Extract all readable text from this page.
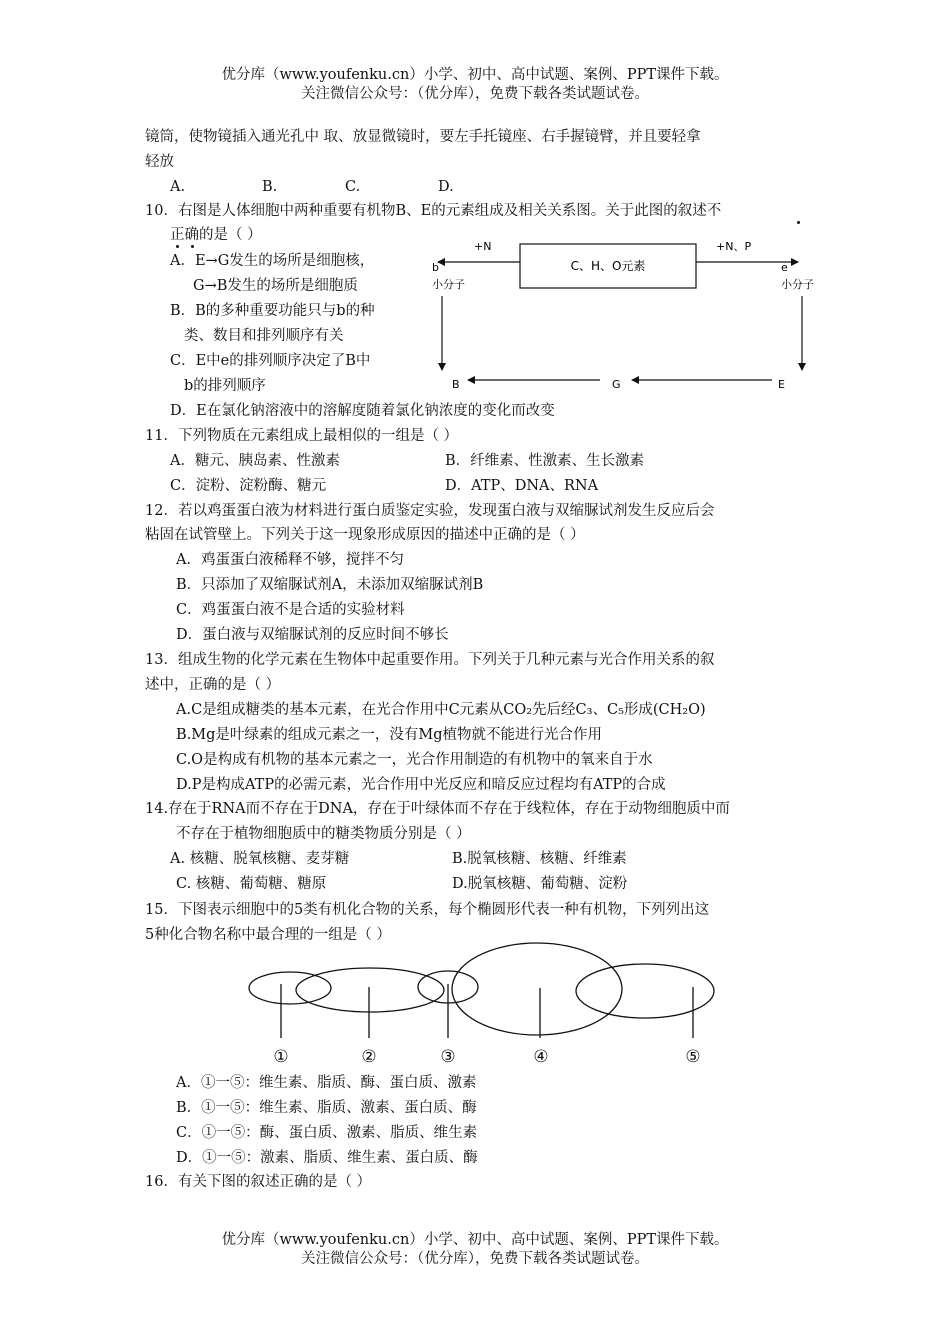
优分库（www.youfenku.cn）小学、初中、高中试题、案例、PPT课件下载。
关注微信公众号：（优分库），免费下载各类试题试卷。
镜筒，使物镜插入通光孔中 取、放显微镜时，要左手托镜座、右手握镜臂，并且要轻拿
轻放
A.	B.	C.	D.
10．右图是人体细胞中两种重要有机物B、E的元素组成及相关关系图。关于此图的叙述不
正确的是（ ）
A．E→G发生的场所是细胞核，
G→B发生的场所是细胞质
B．B的多种重要功能只与b的种
类、数目和排列顺序有关
C．E中e的排列顺序决定了B中
b的排列顺序
D．E在氯化钠溶液中的溶解度随着氯化钠浓度的变化而改变
C、H、O元素
+N	+N、P
b
小分子
e
小分子
E
G
B
11．下列物质在元素组成上最相似的一组是（ ）
A．糖元、胰岛素、性激素	B．纤维素、性激素、生长激素
C．淀粉、淀粉酶、糖元	D．ATP、DNA、RNA
12．若以鸡蛋蛋白液为材料进行蛋白质鉴定实验，发现蛋白液与双缩脲试剂发生反应后会
粘固在试管壁上。下列关于这一现象形成原因的描述中正确的是（ ）
A．鸡蛋蛋白液稀释不够，搅拌不匀
B．只添加了双缩脲试剂A，未添加双缩脲试剂B
C．鸡蛋蛋白液不是合适的实验材料
D．蛋白液与双缩脲试剂的反应时间不够长
13．组成生物的化学元素在生物体中起重要作用。下列关于几种元素与光合作用关系的叙
述中，正确的是（ ）
A.C是组成糖类的基本元素，在光合作用中C元素从CO₂先后经C₃、C₅形成(CH₂O)
B.Mg是叶绿素的组成元素之一，没有Mg植物就不能进行光合作用
C.O是构成有机物的基本元素之一，光合作用制造的有机物中的氧来自于水
D.P是构成ATP的必需元素，光合作用中光反应和暗反应过程均有ATP的合成
14.存在于RNA而不存在于DNA，存在于叶绿体而不存在于线粒体，存在于动物细胞质中而
不存在于植物细胞质中的糖类物质分别是（ ）
A. 核糖、脱氧核糖、麦芽糖	B.脱氧核糖、核糖、纤维素
C. 核糖、葡萄糖、糖原	D.脱氧核糖、葡萄糖、淀粉
15．下图表示细胞中的5类有机化合物的关系，每个椭圆形代表一种有机物，下列列出这
5种化合物名称中最合理的一组是（ ）
①	②	③	④	⑤
A．①一⑤：维生素、脂质、酶、蛋白质、激素
B．①一⑤：维生素、脂质、激素、蛋白质、酶
C．①一⑤：酶、蛋白质、激素、脂质、维生素
D．①一⑤：激素、脂质、维生素、蛋白质、酶
16．有关下图的叙述正确的是（ ）
优分库（www.youfenku.cn）小学、初中、高中试题、案例、PPT课件下载。
关注微信公众号：（优分库），免费下载各类试题试卷。
